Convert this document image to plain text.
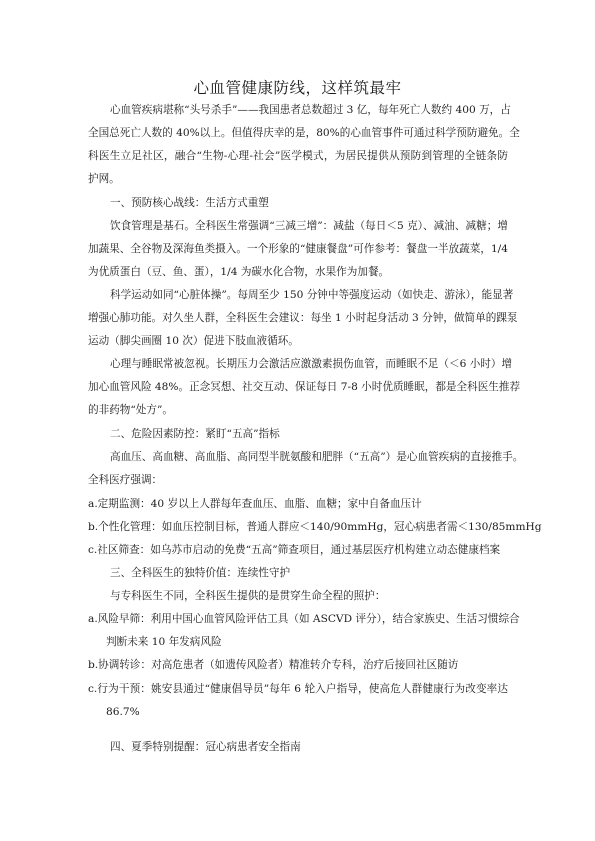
心血管健康防线，这样筑最牢
心血管疾病堪称“头号杀手”——我国患者总数超过 3 亿，每年死亡人数约 400 万，占
全国总死亡人数的 40%以上。但值得庆幸的是，80%的心血管事件可通过科学预防避免。全
科医生立足社区，融合“生物-心理-社会”医学模式，为居民提供从预防到管理的全链条防
护网。
一、预防核心战线：生活方式重塑
饮食管理是基石。全科医生常强调“三减三增”：减盐（每日＜5 克）、减油、减糖；增
加蔬果、全谷物及深海鱼类摄入。一个形象的“健康餐盘”可作参考：餐盘一半放蔬菜，1/4
为优质蛋白（豆、鱼、蛋），1/4 为碳水化合物，水果作为加餐。
科学运动如同“心脏体操”。每周至少 150 分钟中等强度运动（如快走、游泳），能显著
增强心肺功能。对久坐人群，全科医生会建议：每坐 1 小时起身活动 3 分钟，做简单的踝泵
运动（脚尖画圈 10 次）促进下肢血液循环。
心理与睡眠常被忽视。长期压力会激活应激激素损伤血管，而睡眠不足（＜6 小时）增
加心血管风险 48%。正念冥想、社交互动、保证每日 7-8 小时优质睡眠，都是全科医生推荐
的非药物“处方”。
二、危险因素防控：紧盯“五高”指标
高血压、高血糖、高血脂、高同型半胱氨酸和肥胖（“五高”）是心血管疾病的直接推手。
全科医疗强调：
a.定期监测：40 岁以上人群每年查血压、血脂、血糖；家中自备血压计
b.个性化管理：如血压控制目标，普通人群应＜140/90mmHg，冠心病患者需＜130/85mmHg
c.社区筛查：如乌苏市启动的免费“五高”筛查项目，通过基层医疗机构建立动态健康档案
三、全科医生的独特价值：连续性守护
与专科医生不同，全科医生提供的是贯穿生命全程的照护：
a.风险早筛：利用中国心血管风险评估工具（如 ASCVD 评分），结合家族史、生活习惯综合
判断未来 10 年发病风险
b.协调转诊：对高危患者（如遗传风险者）精准转介专科，治疗后接回社区随访
c.行为干预：姚安县通过“健康倡导员”每年 6 轮入户指导，使高危人群健康行为改变率达
86.7%
四、夏季特别提醒：冠心病患者安全指南
